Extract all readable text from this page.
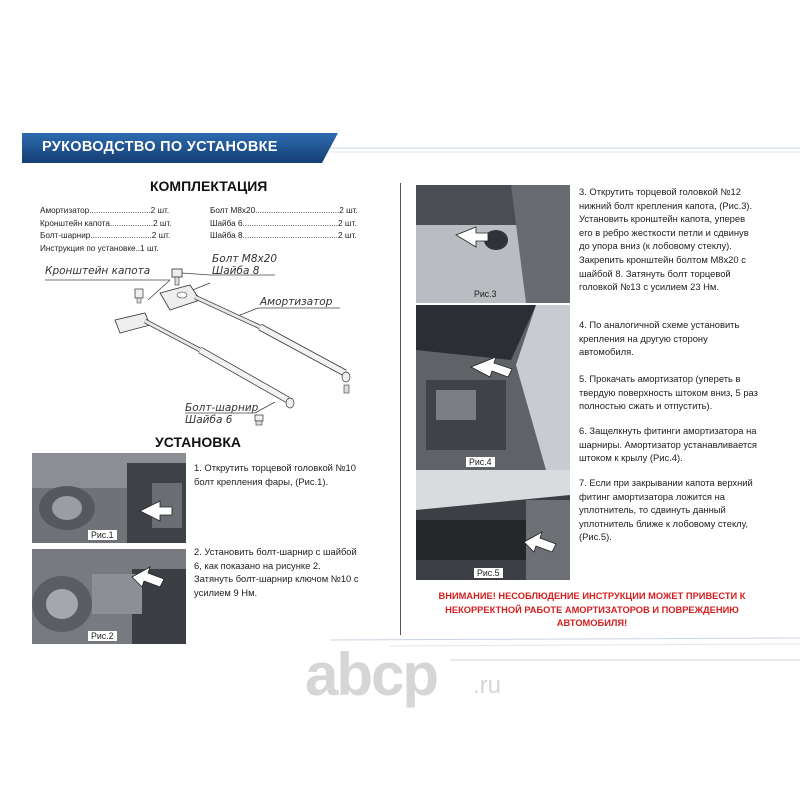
РУКОВОДСТВО ПО УСТАНОВКЕ
КОМПЛЕКТАЦИЯ
Амортизатор...........................2 шт.
Кронштейн капота...................2 шт.
Болт-шарнир...........................2 шт.
Инструкция по установке..1 шт.
Болт М8х20.....................................2 шт.
Шайба 6..........................................2 шт.
Шайба 8..........................................2 шт.
Кронштейн капота
Болт М8х20
Шайба 8
Амортизатор
Болт-шарнир
Шайба 6
УСТАНОВКА
Рис.1
1. Открутить торцевой головкой №10
болт крепления фары, (Рис.1).
Рис.2
2. Установить болт-шарнир с шайбой
6, как показано на рисунке 2.
Затянуть болт-шарнир ключом №10 с
усилием 9 Нм.
Рис.3
3. Открутить торцевой головкой №12
нижний болт крепления капота, (Рис.3).
Установить кронштейн капота, уперев
его в ребро жесткости петли и сдвинув
до упора вниз (к лобовому стеклу).
Закрепить кронштейн болтом М8х20 с
шайбой 8. Затянуть болт торцевой
головкой №13 с усилием 23 Нм.
Рис.4
4. По аналогичной схеме установить
крепления на другую сторону
автомобиля.
5. Прокачать амортизатор (упереть в
твердую поверхность штоком вниз, 5 раз
полностью сжать и отпустить).
6. Защелкнуть фитинги амортизатора на
шарниры. Амортизатор устанавливается
штоком к крылу (Рис.4).
Рис.5
7. Если при закрывании капота верхний
фитинг амортизатора ложится на
уплотнитель, то сдвинуть данный
уплотнитель ближе к лобовому стеклу,
(Рис.5).
ВНИМАНИЕ! НЕСОБЛЮДЕНИЕ ИНСТРУКЦИИ МОЖЕТ ПРИВЕСТИ К
НЕКОРРЕКТНОЙ РАБОТЕ АМОРТИЗАТОРОВ И ПОВРЕЖДЕНИЮ
АВТОМОБИЛЯ!
abcp .ru
